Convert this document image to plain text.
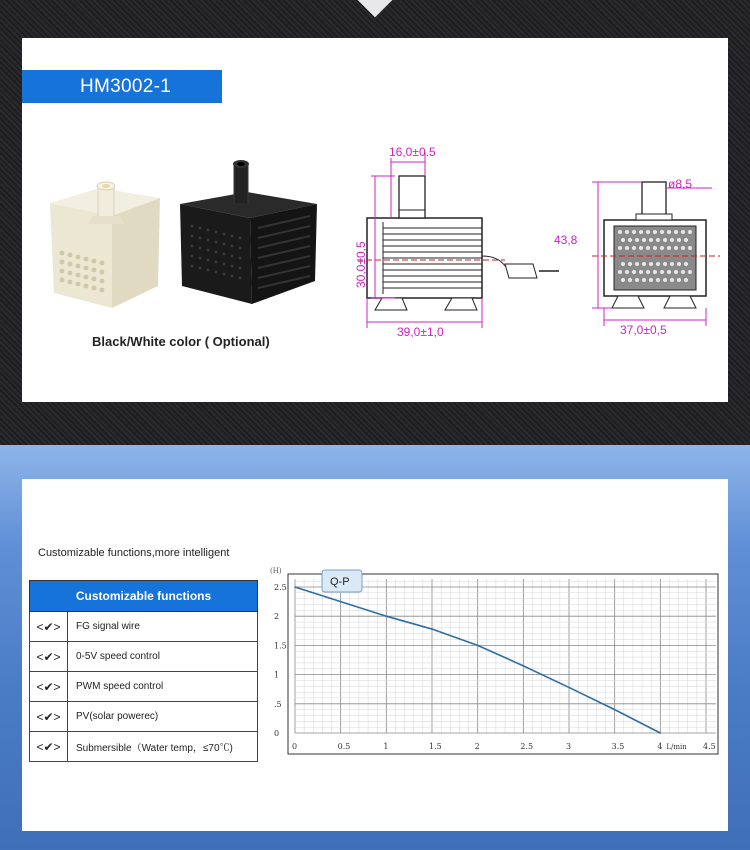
HM3002-1
Black/White color ( Optional)
16,0±0.5
30,0±0,5
39,0±1,0
ø8,5
43,8
37,0±0,5
Customizable functions,more intelligent
Customizable functions	
<✔>	FG signal wire
<✔>	0-5V speed control
<✔>	PWM speed control
<✔>	PV(solar powerec)
<✔>	Submersible（Water temp，≤70℃)	0	0.5	1	1.5	2	2.5	3	3.5	4 L/min 4.5
0
.5
1
1.5
2
2.5	Q-P
(H)
